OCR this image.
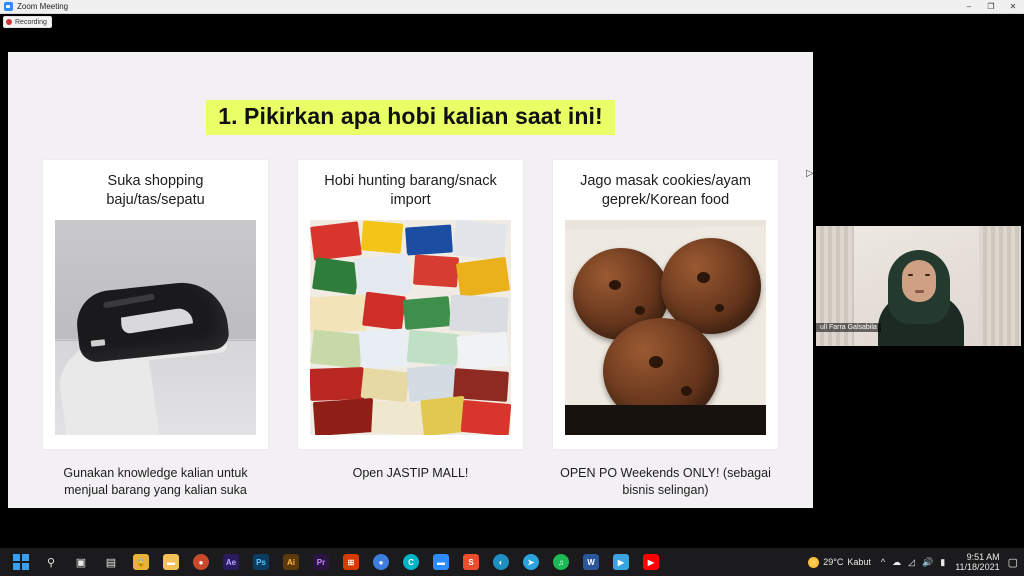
Zoom Meeting	–	❐	✕
Recording
1. Pikirkan apa hobi kalian saat ini!
Suka shopping baju/tas/sepatu
Gunakan knowledge kalian untuk menjual barang yang kalian suka
Hobi hunting barang/snack import
Open JASTIP MALL!
Jago masak cookies/ayam geprek/Korean food
OPEN PO Weekends ONLY! (sebagai bisnis selingan)
▷
ull Farra Galsabila
⚲	▣	▤	🔒	▬	●	Ae	Ps	Ai	Pr	⊞	●	C	▬	S	◐	➤	♫	W	▶	▶	29°C Kabut ^ ☁ ◿ 🔊 ▮	9:51 AM
11/18/2021 ▢
